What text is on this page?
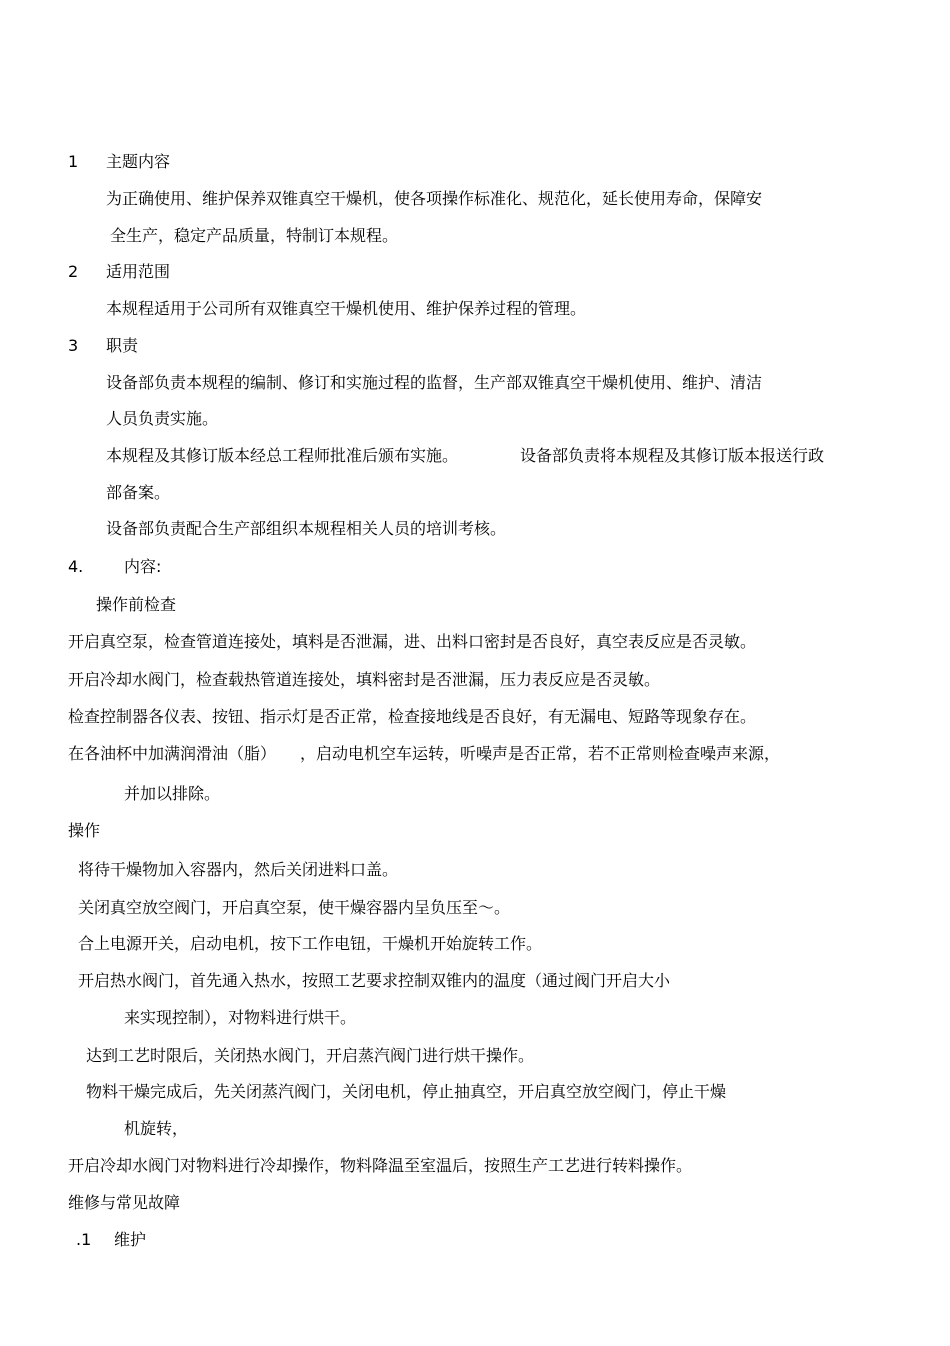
1 主题内容
为正确使用、维护保养双锥真空干燥机，使各项操作标准化、规范化，延长使用寿命，保障安
全生产，稳定产品质量，特制订本规程。
2 适用范围
本规程适用于公司所有双锥真空干燥机使用、维护保养过程的管理。
3 职责
设备部负责本规程的编制、修订和实施过程的监督，生产部双锥真空干燥机使用、维护、清洁
人员负责实施。
本规程及其修订版本经总工程师批准后颁布实施。	设备部负责将本规程及其修订版本报送行政
部备案。
设备部负责配合生产部组织本规程相关人员的培训考核。
4.	内容:
操作前检查
开启真空泵，检查管道连接处，填料是否泄漏，进、出料口密封是否良好，真空表反应是否灵敏。
开启冷却水阀门，检查载热管道连接处，填料密封是否泄漏，压力表反应是否灵敏。
检查控制器各仪表、按钮、指示灯是否正常，检查接地线是否良好，有无漏电、短路等现象存在。
在各油杯中加满润滑油（脂） ，启动电机空车运转，听噪声是否正常，若不正常则检查噪声来源，
并加以排除。
操作
将待干燥物加入容器内，然后关闭进料口盖。
关闭真空放空阀门，开启真空泵，使干燥容器内呈负压至～。
合上电源开关，启动电机，按下工作电钮，干燥机开始旋转工作。
开启热水阀门，首先通入热水，按照工艺要求控制双锥内的温度（通过阀门开启大小
来实现控制），对物料进行烘干。
达到工艺时限后，关闭热水阀门，开启蒸汽阀门进行烘干操作。
物料干燥完成后，先关闭蒸汽阀门，关闭电机，停止抽真空，开启真空放空阀门，停止干燥
机旋转，
开启冷却水阀门对物料进行冷却操作，物料降温至室温后，按照生产工艺进行转料操作。
维修与常见故障
.1 维护
